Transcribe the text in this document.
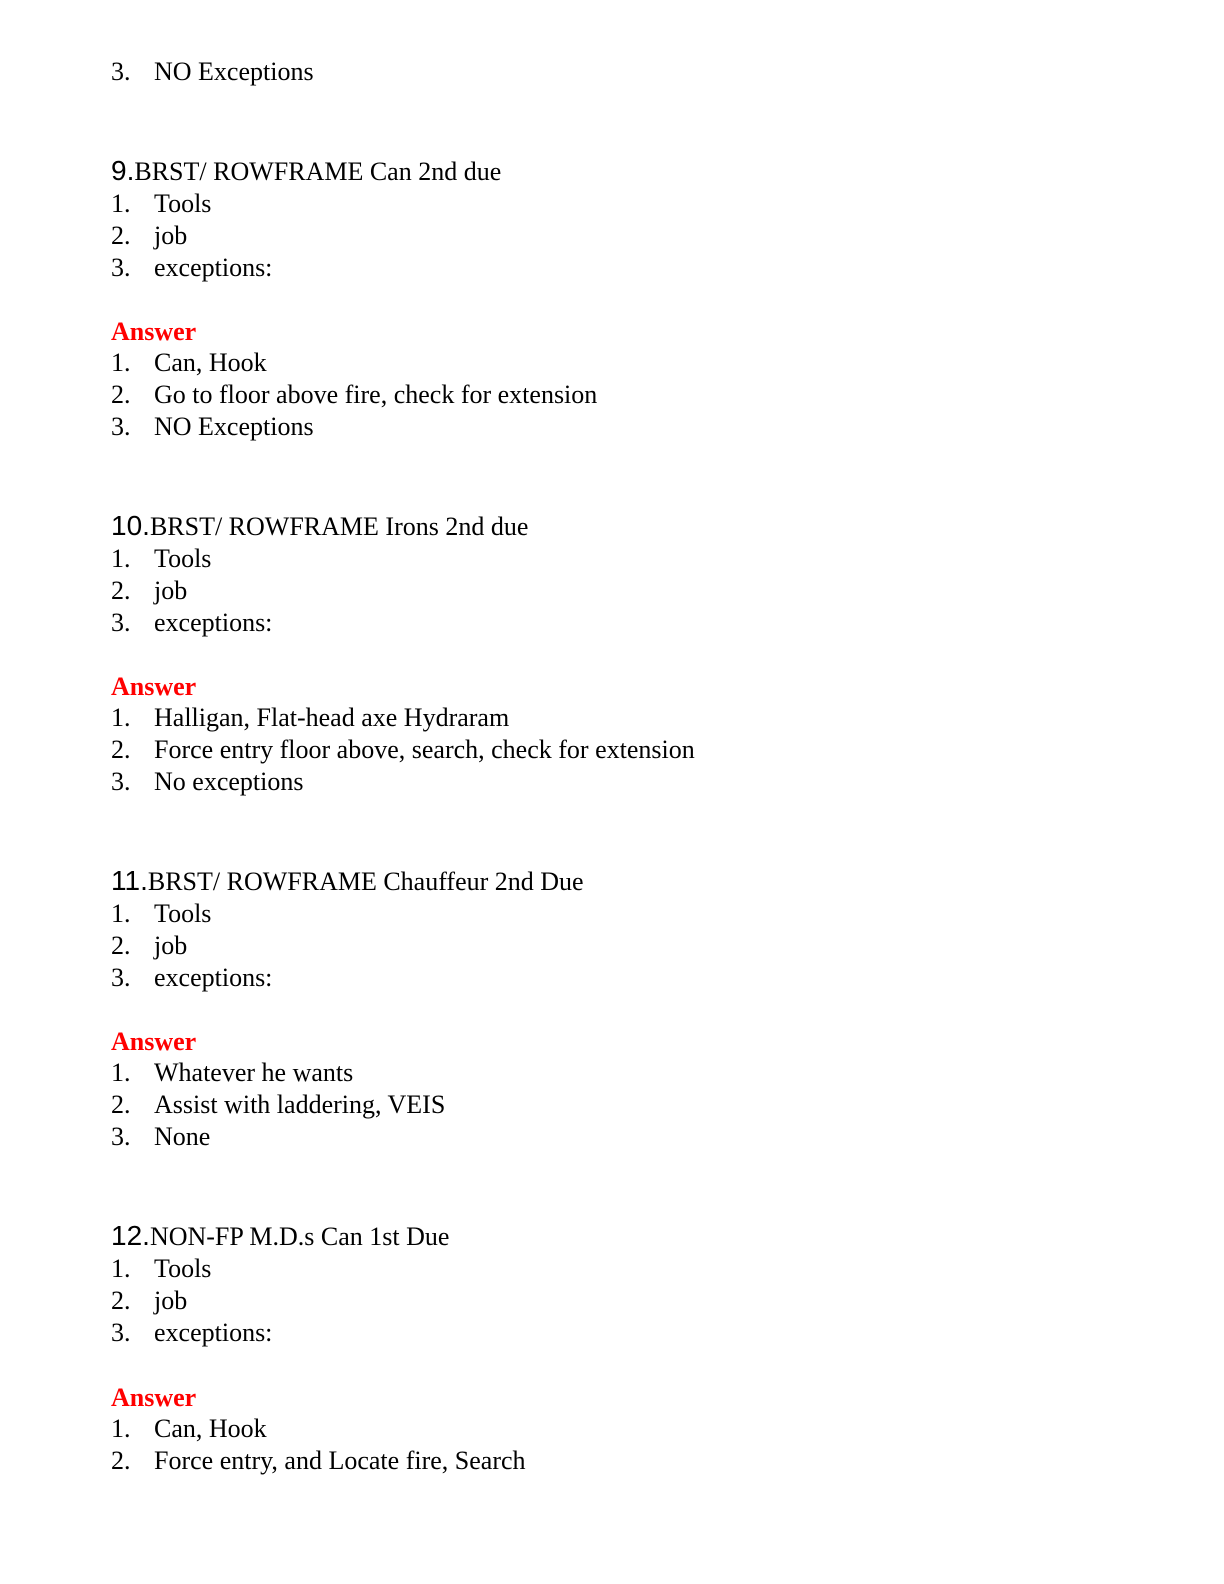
3. NO Exceptions
9.BRST/ ROWFRAME Can 2nd due
1. Tools
2. job
3. exceptions:
Answer
1. Can, Hook
2. Go to floor above fire, check for extension
3. NO Exceptions
10.BRST/ ROWFRAME Irons 2nd due
1. Tools
2. job
3. exceptions:
Answer
1. Halligan, Flat-head axe Hydraram
2. Force entry floor above, search, check for extension
3. No exceptions
11.BRST/ ROWFRAME Chauffeur 2nd Due
1. Tools
2. job
3. exceptions:
Answer
1. Whatever he wants
2. Assist with laddering, VEIS
3. None
12.NON-FP M.D.s Can 1st Due
1. Tools
2. job
3. exceptions:
Answer
1. Can, Hook
2. Force entry, and Locate fire, Search
